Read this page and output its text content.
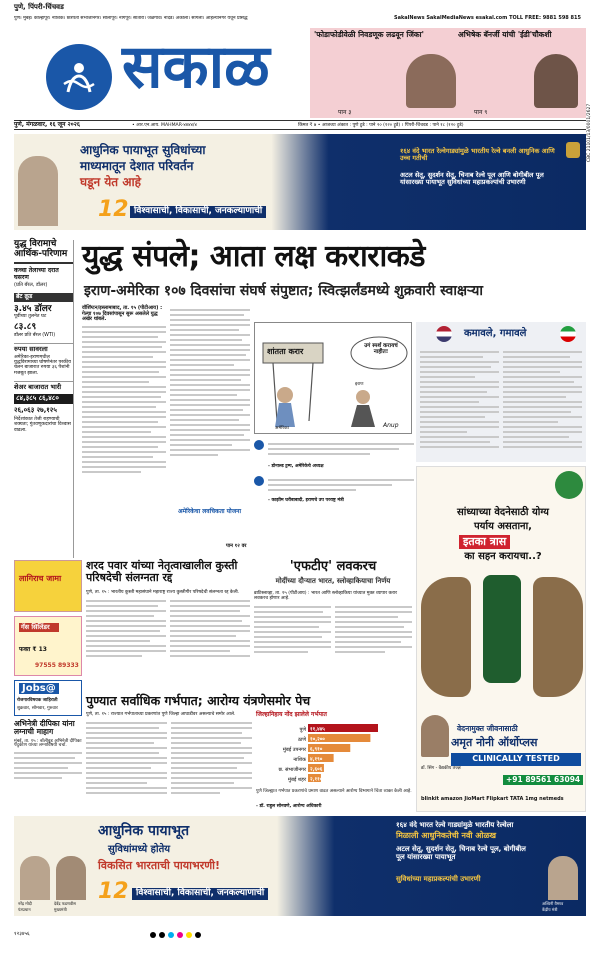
पुणे, पिंपरी-चिंचवड
पुणे। मुंबई। कोल्हापूर। नाशिक। छत्रपती संभाजीनगर। सोलापूर। नागपूर। सातारा। जळगाव। नांदेड। अकोला। सांगली। अहिल्यानगर येथून प्रसिद्ध	SakalNews SakalMediaNews esakal.com TOLL FREE: 9881 598 815
सकाळ	'फोडाफोडीवेळी निवडणूक लढवून जिंका'
पान ३
अभिषेक बॅनर्जी यांची 'ईडी'चौकशी
पान ९
पुणे, मंगळवार, १६ जून २०२६	• आर.एन.आय. MAHMAR-४४४४/४	किंमत ₹ ७ • आजच्या अंकात : पुणे टुडे : पाने २० (१२० ट्रुडे) । पिंपरी-चिंचवड : पाने १८ (१२० ट्रुडे)
आधुनिक पायाभूत सुविधांच्या
माध्यमातून देशात परिवर्तन
घडून येत आहे
12 विश्वासाची, विकासाची, जनकल्याणाची
१६४ वंदे भारत रेल्वेगाड्यांमुळे भारतीय रेल्वे बनली आधुनिक आणि उच्च गतीची
अटल सेतू, सुदर्शन सेतू, चिनाब रेल्वे पूल आणि बोगीबील पूल यांसारख्या पायाभूत सुविधांच्या महाप्रकल्पांची उभारणी
CBC 21101/13/0001/2627
युद्ध विरामाचे आर्थिक-परिणाम
कच्चा तेलाच्या दरात घसरण
(प्रति बॅरल, डॉलर)
ब्रेंट क्रूड
३.४५ डॉलर
पूर्वीच्या तुलनेत घट
८३.८९
डॉलर प्रति बॅरल (WTI)
रुपया सावरला
अमेरिका-इराणमधील युद्धविरामाच्या घोषणेनंतर परकीय चलन बाजारात रुपया ३६ पैशांनी मजबूत झाला.
शेअर बाजारात भारी
८४,३८५ ८६,४८०
२६,०६३ २७,१२५
निर्देशांकात तेजी राहण्याची शक्यता; गुंतवणूकदारांचा विश्वास वाढला.
युद्ध संपले; आता लक्ष कराराकडे
इराण-अमेरिका १०७ दिवसांचा संघर्ष संपुष्टात; स्वित्झर्लंडमध्ये शुक्रवारी स्वाक्षऱ्या
वॉशिंग्टन/इस्लामाबाद, ता. १५ (पीटीआय) : गेल्या १०७ दिवसांपासून सुरू असलेले युद्ध अखेर थांबले.
शांतता करार
उगं स्पर्श करायचं नाहीत!
अमेरिका
इराण
Anup
कमावले, गमावले
- डोनाल्ड ट्रम्प, अमेरिकेचे अध्यक्ष
- काझीम घरीबाबादी, इराणचे उप परराष्ट्र मंत्री
अमेरिकेचा लवचिकता योजना
पान १२ वर
सांध्याच्या वेदनेसाठी योग्य
पर्याय असताना,
इतका त्रास
का सहन करायचा..?
वेदनामुक्त जीवनासाठी
अमृत नोनी ऑर्थोप्लस
CLINICALLY TESTED
डॉ. सिंग - वैद्यकीय तज्ज्ञ
+91 89561 63094
blinkit amazon JioMart Flipkart TATA 1mg netmeds
लागिराच जामा
गॅस सिलिंडर
फक्त ₹ 13
97555 89333
Jobs@
रोजगारविषयक जाहिराती
शुक्रवार, सोमवार, गुरुवार
अभिनेत्री दीपिका यांना लग्नाची माहाग
मुंबई, ता. १५ : बॉलीवूड अभिनेत्री दीपिका पदुकोण यांच्या लग्नाविषयी चर्चा.
शरद पवार यांच्या नेतृत्वाखालील कुस्ती परिषदेची संलग्नता रद्द
पुणे, ता. १५ : भारतीय कुस्ती महासंघाने महाराष्ट्र राज्य कुस्तीगीर परिषदेची संलग्नता रद्द केली.
'एफटीए' लवकरच
मोदींच्या दौऱ्यात भारत, स्लोव्हाकियाचा निर्णय
ब्राटिस्लाव्हा, ता. १५ (पीटीआय) : भारत आणि स्लोव्हाकिया यांच्यात मुक्त व्यापार करार लवकरच होणार आहे.
पुण्यात सर्वाधिक गर्भपात; आरोग्य यंत्रणेसमोर पेच
पुणे, ता. १५ : राज्यात गर्भपाताच्या प्रकरणांत पुणे जिल्हा आघाडीवर असल्याचे समोर आले.	जिल्हानिहाय नोंद झालेले गर्भपात
पुणे ११,४४५
ठाणे १०,२००
मुंबई उपनगर ६,९१०
नाशिक ४,१९०
छ. संभाजीनगर २,६०६
मुंबई शहर २,११०
पुणे जिल्ह्यात गर्भपात प्रकरणांचे प्रमाण वाढत असल्याने आरोग्य विभागाने चिंता व्यक्त केली आहे.
- डॉ. राहुल सोनवणे, आरोग्य अधिकारी
नरेंद्र मोदी
पंतप्रधान
देवेंद्र फडणवीस
मुख्यमंत्री
आधुनिक पायाभूत
सुविधांमध्ये होतेय
विकसित भारताची पायाभरणी!
12 विश्वासाची, विकासाची, जनकल्याणाची
१६४ वंदे भारत रेल्वे गाड्यांमुळे भारतीय रेल्वेला
मिळाली आधुनिकतेची नवी ओळख
अटल सेतू, सुदर्शन सेतू, चिनाब रेल्वे पूल, बोगीबील पूल यांसारख्या पायाभूत
सुविधांच्या महाप्रकल्पांची उभारणी
अश्विनी वैष्णव
केंद्रीय मंत्री
१२३४५६
